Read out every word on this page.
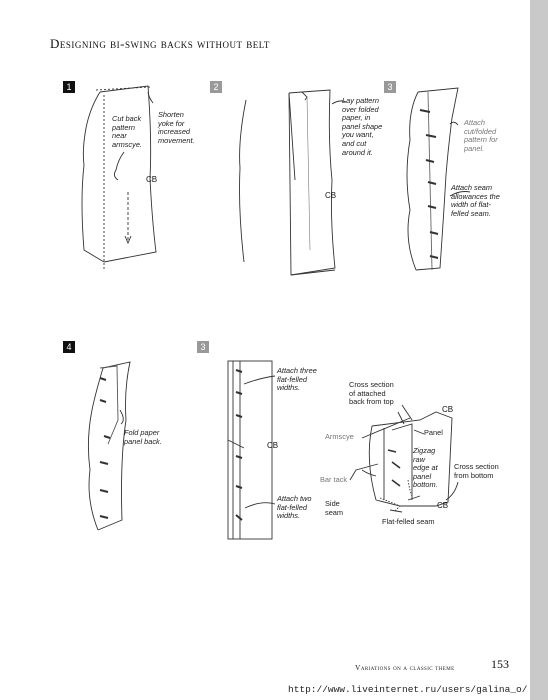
Designing bi-swing backs without belt
1	2	3
4	3
Cut back
pattern
near
armscye.
Shorten
yoke for
increased
movement.
CB
Lay pattern
over folded
paper, in
panel shape
you want,
and cut
around it.
CB
Attach
cut/folded
pattern for
panel.
Attach seam
allowances the
width of flat-
felled seam.
Fold paper
panel back.
Attach three
flat-felled
widths.
CB
Attach two
flat-felled
widths.
Cross section
of attached
back from top
CB
Armscye	Panel
Bar tack
Zigzag
raw
edge at
panel
bottom.
Cross section
from bottom
Side
seam
CB
Flat-felled seam
Variations on a classic theme	153
http://www.liveinternet.ru/users/galina_o/
